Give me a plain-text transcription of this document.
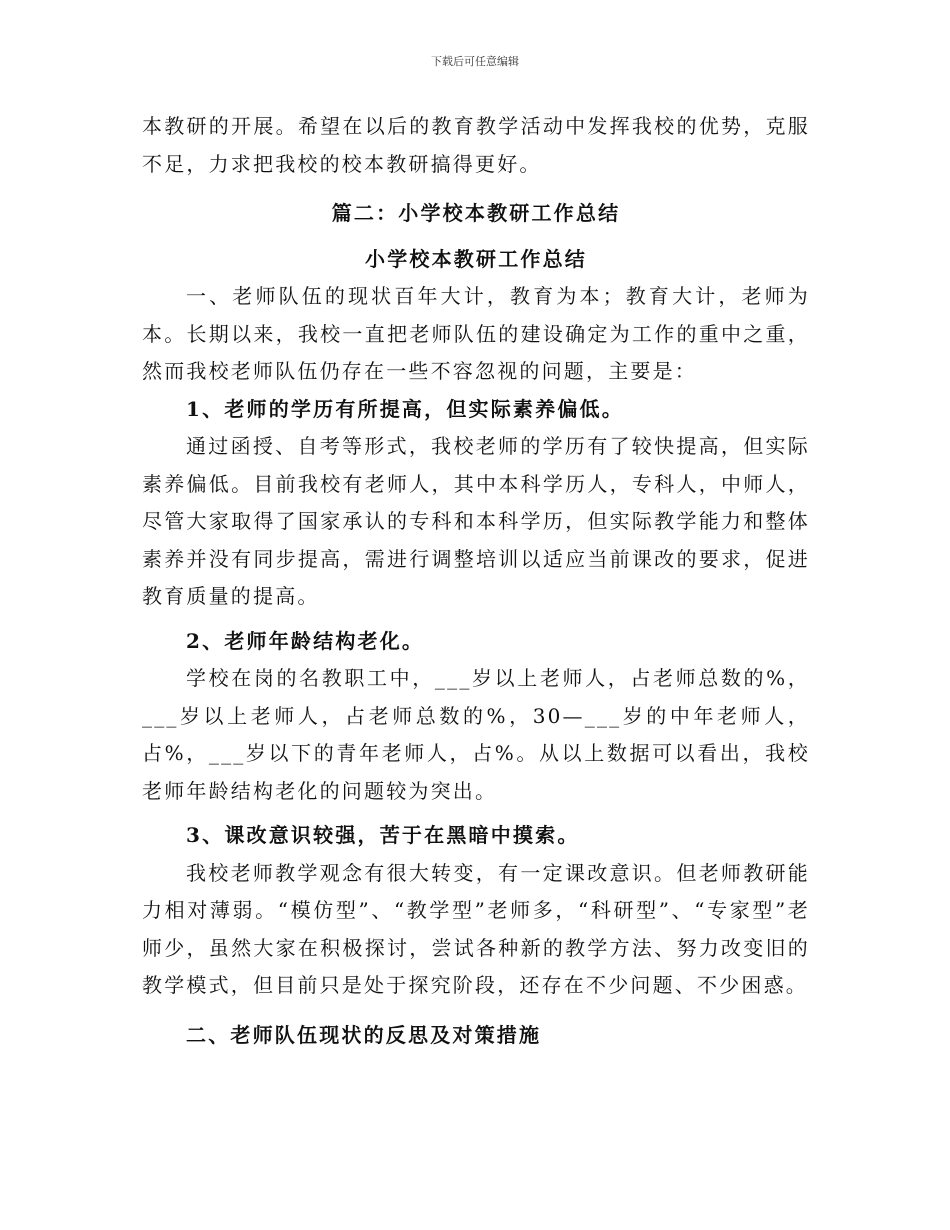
下载后可任意编辑

本教研的开展。希望在以后的教育教学活动中发挥我校的优势，克服不足，力求把我校的校本教研搞得更好。

篇二：小学校本教研工作总结

小学校本教研工作总结

一、老师队伍的现状百年大计，教育为本；教育大计，老师为本。长期以来，我校一直把老师队伍的建设确定为工作的重中之重，然而我校老师队伍仍存在一些不容忽视的问题，主要是：

1、老师的学历有所提高，但实际素养偏低。

通过函授、自考等形式，我校老师的学历有了较快提高，但实际素养偏低。目前我校有老师人，其中本科学历人，专科人，中师人，尽管大家取得了国家承认的专科和本科学历，但实际教学能力和整体素养并没有同步提高，需进行调整培训以适应当前课改的要求，促进教育质量的提高。

2、老师年龄结构老化。

学校在岗的名教职工中，___岁以上老师人，占老师总数的%，___岁以上老师人，占老师总数的%，30—___岁的中年老师人，占%，___岁以下的青年老师人，占%。从以上数据可以看出，我校老师年龄结构老化的问题较为突出。

3、课改意识较强，苦于在黑暗中摸索。

我校老师教学观念有很大转变，有一定课改意识。但老师教研能力相对薄弱。“模仿型”、“教学型”老师多，“科研型”、“专家型”老师少，虽然大家在积极探讨，尝试各种新的教学方法、努力改变旧的教学模式，但目前只是处于探究阶段，还存在不少问题、不少困惑。

二、老师队伍现状的反思及对策措施
